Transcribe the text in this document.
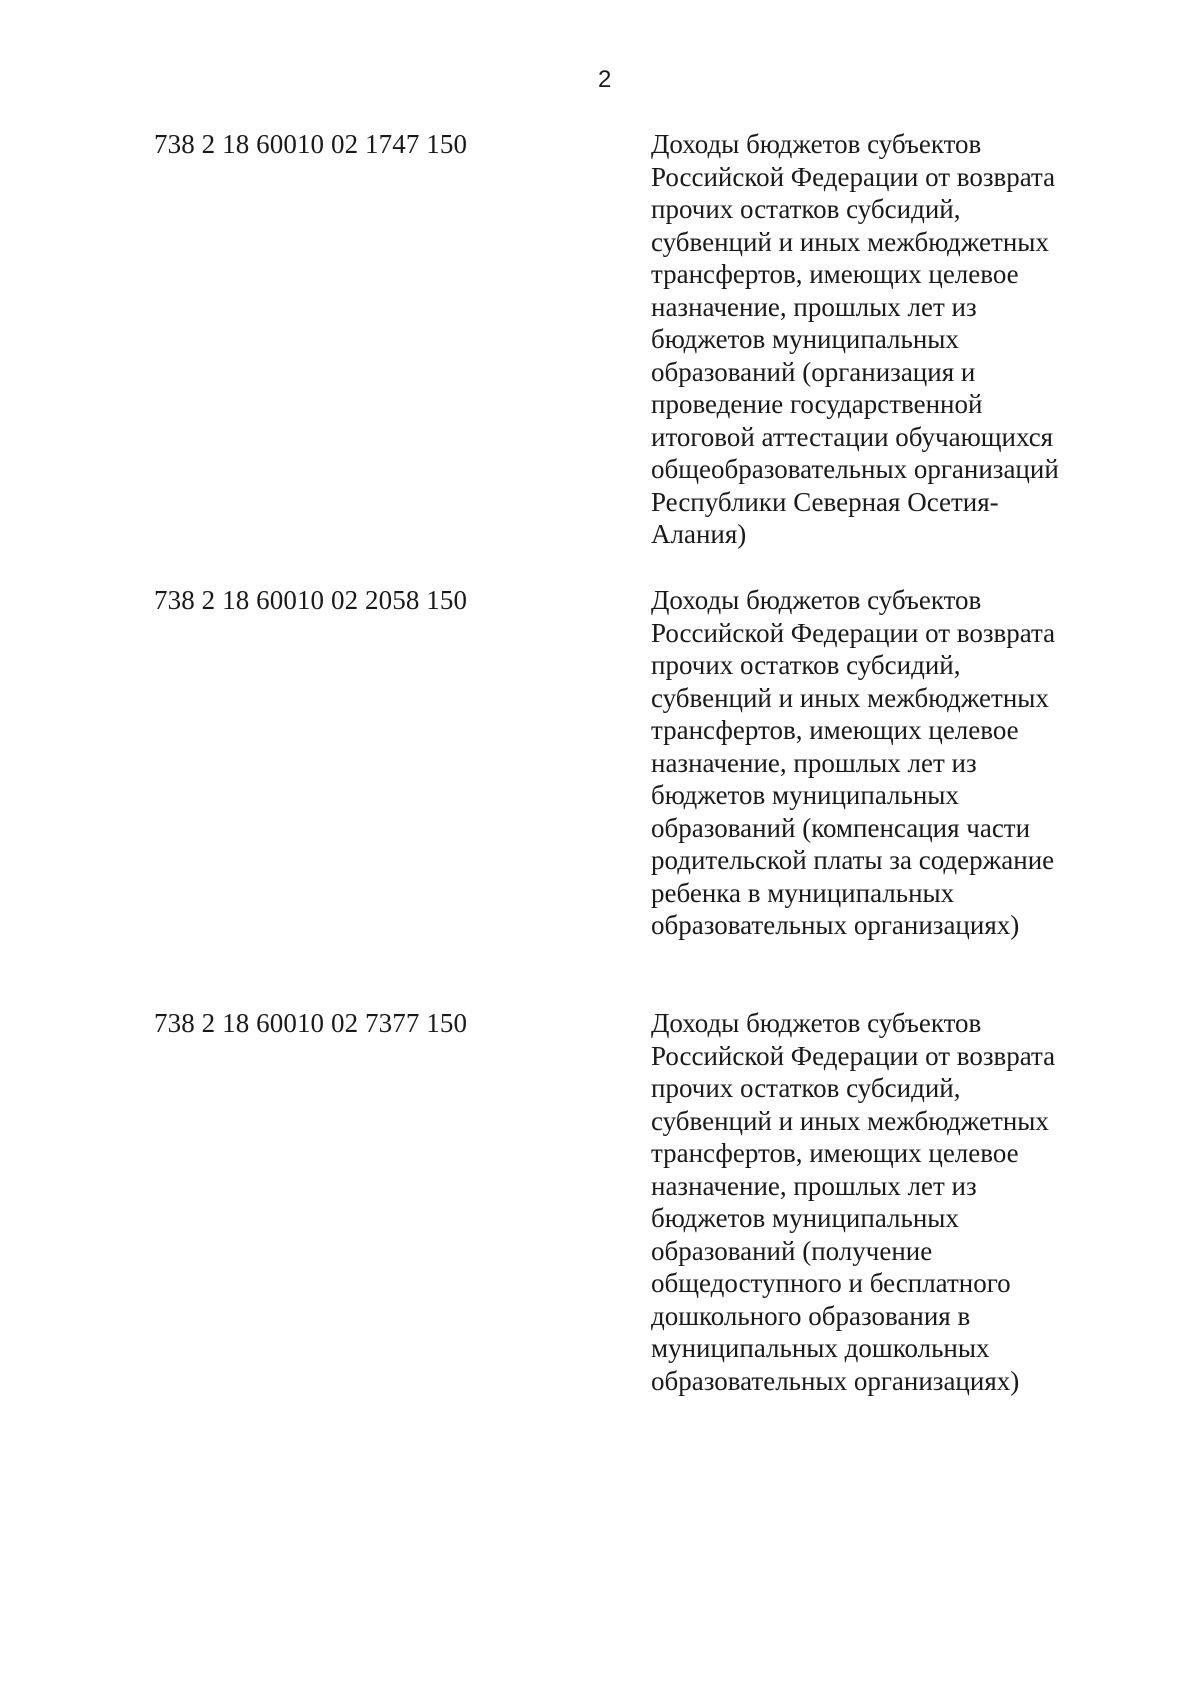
2
738 2 18 60010 02 1747 150	Доходы бюджетов субъектов
Российской Федерации от возврата
прочих остатков субсидий,
субвенций и иных межбюджетных
трансфертов, имеющих целевое
назначение, прошлых лет из
бюджетов муниципальных
образований (организация и
проведение государственной
итоговой аттестации обучающихся
общеобразовательных организаций
Республики Северная Осетия-
Алания)
738 2 18 60010 02 2058 150	Доходы бюджетов субъектов
Российской Федерации от возврата
прочих остатков субсидий,
субвенций и иных межбюджетных
трансфертов, имеющих целевое
назначение, прошлых лет из
бюджетов муниципальных
образований (компенсация части
родительской платы за содержание
ребенка в муниципальных
образовательных организациях)
738 2 18 60010 02 7377 150	Доходы бюджетов субъектов
Российской Федерации от возврата
прочих остатков субсидий,
субвенций и иных межбюджетных
трансфертов, имеющих целевое
назначение, прошлых лет из
бюджетов муниципальных
образований (получение
общедоступного и бесплатного
дошкольного образования в
муниципальных дошкольных
образовательных организациях)
